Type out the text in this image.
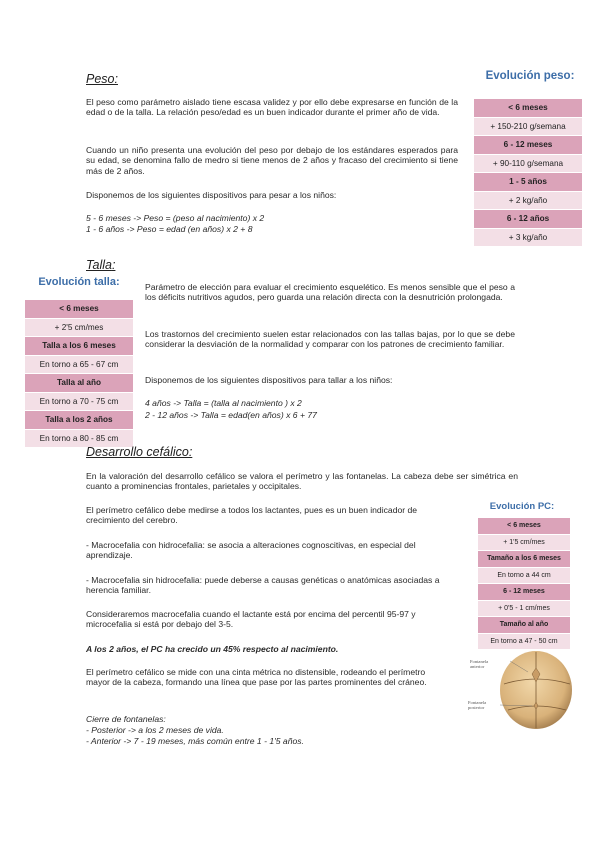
Peso:

El peso como parámetro aislado tiene escasa validez y por ello debe expresarse en función de la edad o de la talla. La relación peso/edad es un buen indicador durante el primer año de vida.

Cuando un niño presenta una evolución del peso por debajo de los estándares esperados para su edad, se denomina fallo de medro si tiene menos de 2 años y fracaso del crecimiento si tiene más de 2 años.

Disponemos de los siguientes dispositivos para pesar a los niños:

5 - 6 meses -> Peso = (peso al nacimiento) x 2

1 - 6 años -> Peso = edad (en años) x 2 + 8

Evolución peso:
< 6 meses
+ 150-210 g/semana
6 - 12 meses
+ 90-110 g/semana
1 - 5 años
+ 2 kg/año
6 - 12 años
+ 3 kg/año
Talla:
Evolución talla:
< 6 meses
+ 2'5 cm/mes
Talla a los 6 meses
En torno a 65 - 67 cm
Talla al año
En torno a 70 - 75 cm
Talla a los 2 años
En torno a 80 - 85 cm

Parámetro de elección para evaluar el crecimiento esquelético. Es menos sensible que el peso a los déficits nutritivos agudos, pero guarda una relación directa con la desnutrición prolongada.

Los trastornos del crecimiento suelen estar relacionados con las tallas bajas, por lo que se debe considerar la desviación de la normalidad y comparar con los patrones de crecimiento familiar.

Disponemos de los siguientes dispositivos para tallar a los niños:

4 años -> Talla = (talla al nacimiento ) x 2

2 - 12 años -> Talla = edad(en años) x 6 + 77

Desarrollo cefálico:

En la valoración del desarrollo cefálico se valora el perímetro y las fontanelas. La cabeza debe ser simétrica en cuanto a prominencias frontales, parietales y occipitales.

El perímetro cefálico debe medirse a todos los lactantes, pues es un buen indicador de crecimiento del cerebro.

- Macrocefalia con hidrocefalia: se asocia a alteraciones cognoscitivas, en especial del aprendizaje.

- Macrocefalia sin hidrocefalia: puede deberse a causas genéticas o anatómicas asociadas a herencia familiar.

Consideraremos macrocefalia cuando el lactante está por encima del percentil 95-97 y microcefalia si está por debajo del 3-5.

A los 2 años, el PC ha crecido un 45% respecto al nacimiento.

El perímetro cefálico se mide con una cinta métrica no distensible, rodeando el perímetro mayor de la cabeza, formando una línea que pase por las partes prominentes del cráneo.

Cierre de fontanelas:

- Posterior -> a los 2 meses de vida.

- Anterior -> 7 - 19 meses, más común entre 1 - 1'5 años.

Evolución PC:
< 6 meses
+ 1'5 cm/mes
Tamaño a los 6 meses
En torno a 44 cm
6 - 12 meses
+ 0'5 - 1 cm/mes
Tamaño al año
En torno a 47 - 50 cm
Fontanela anterior
Fontanela posterior
